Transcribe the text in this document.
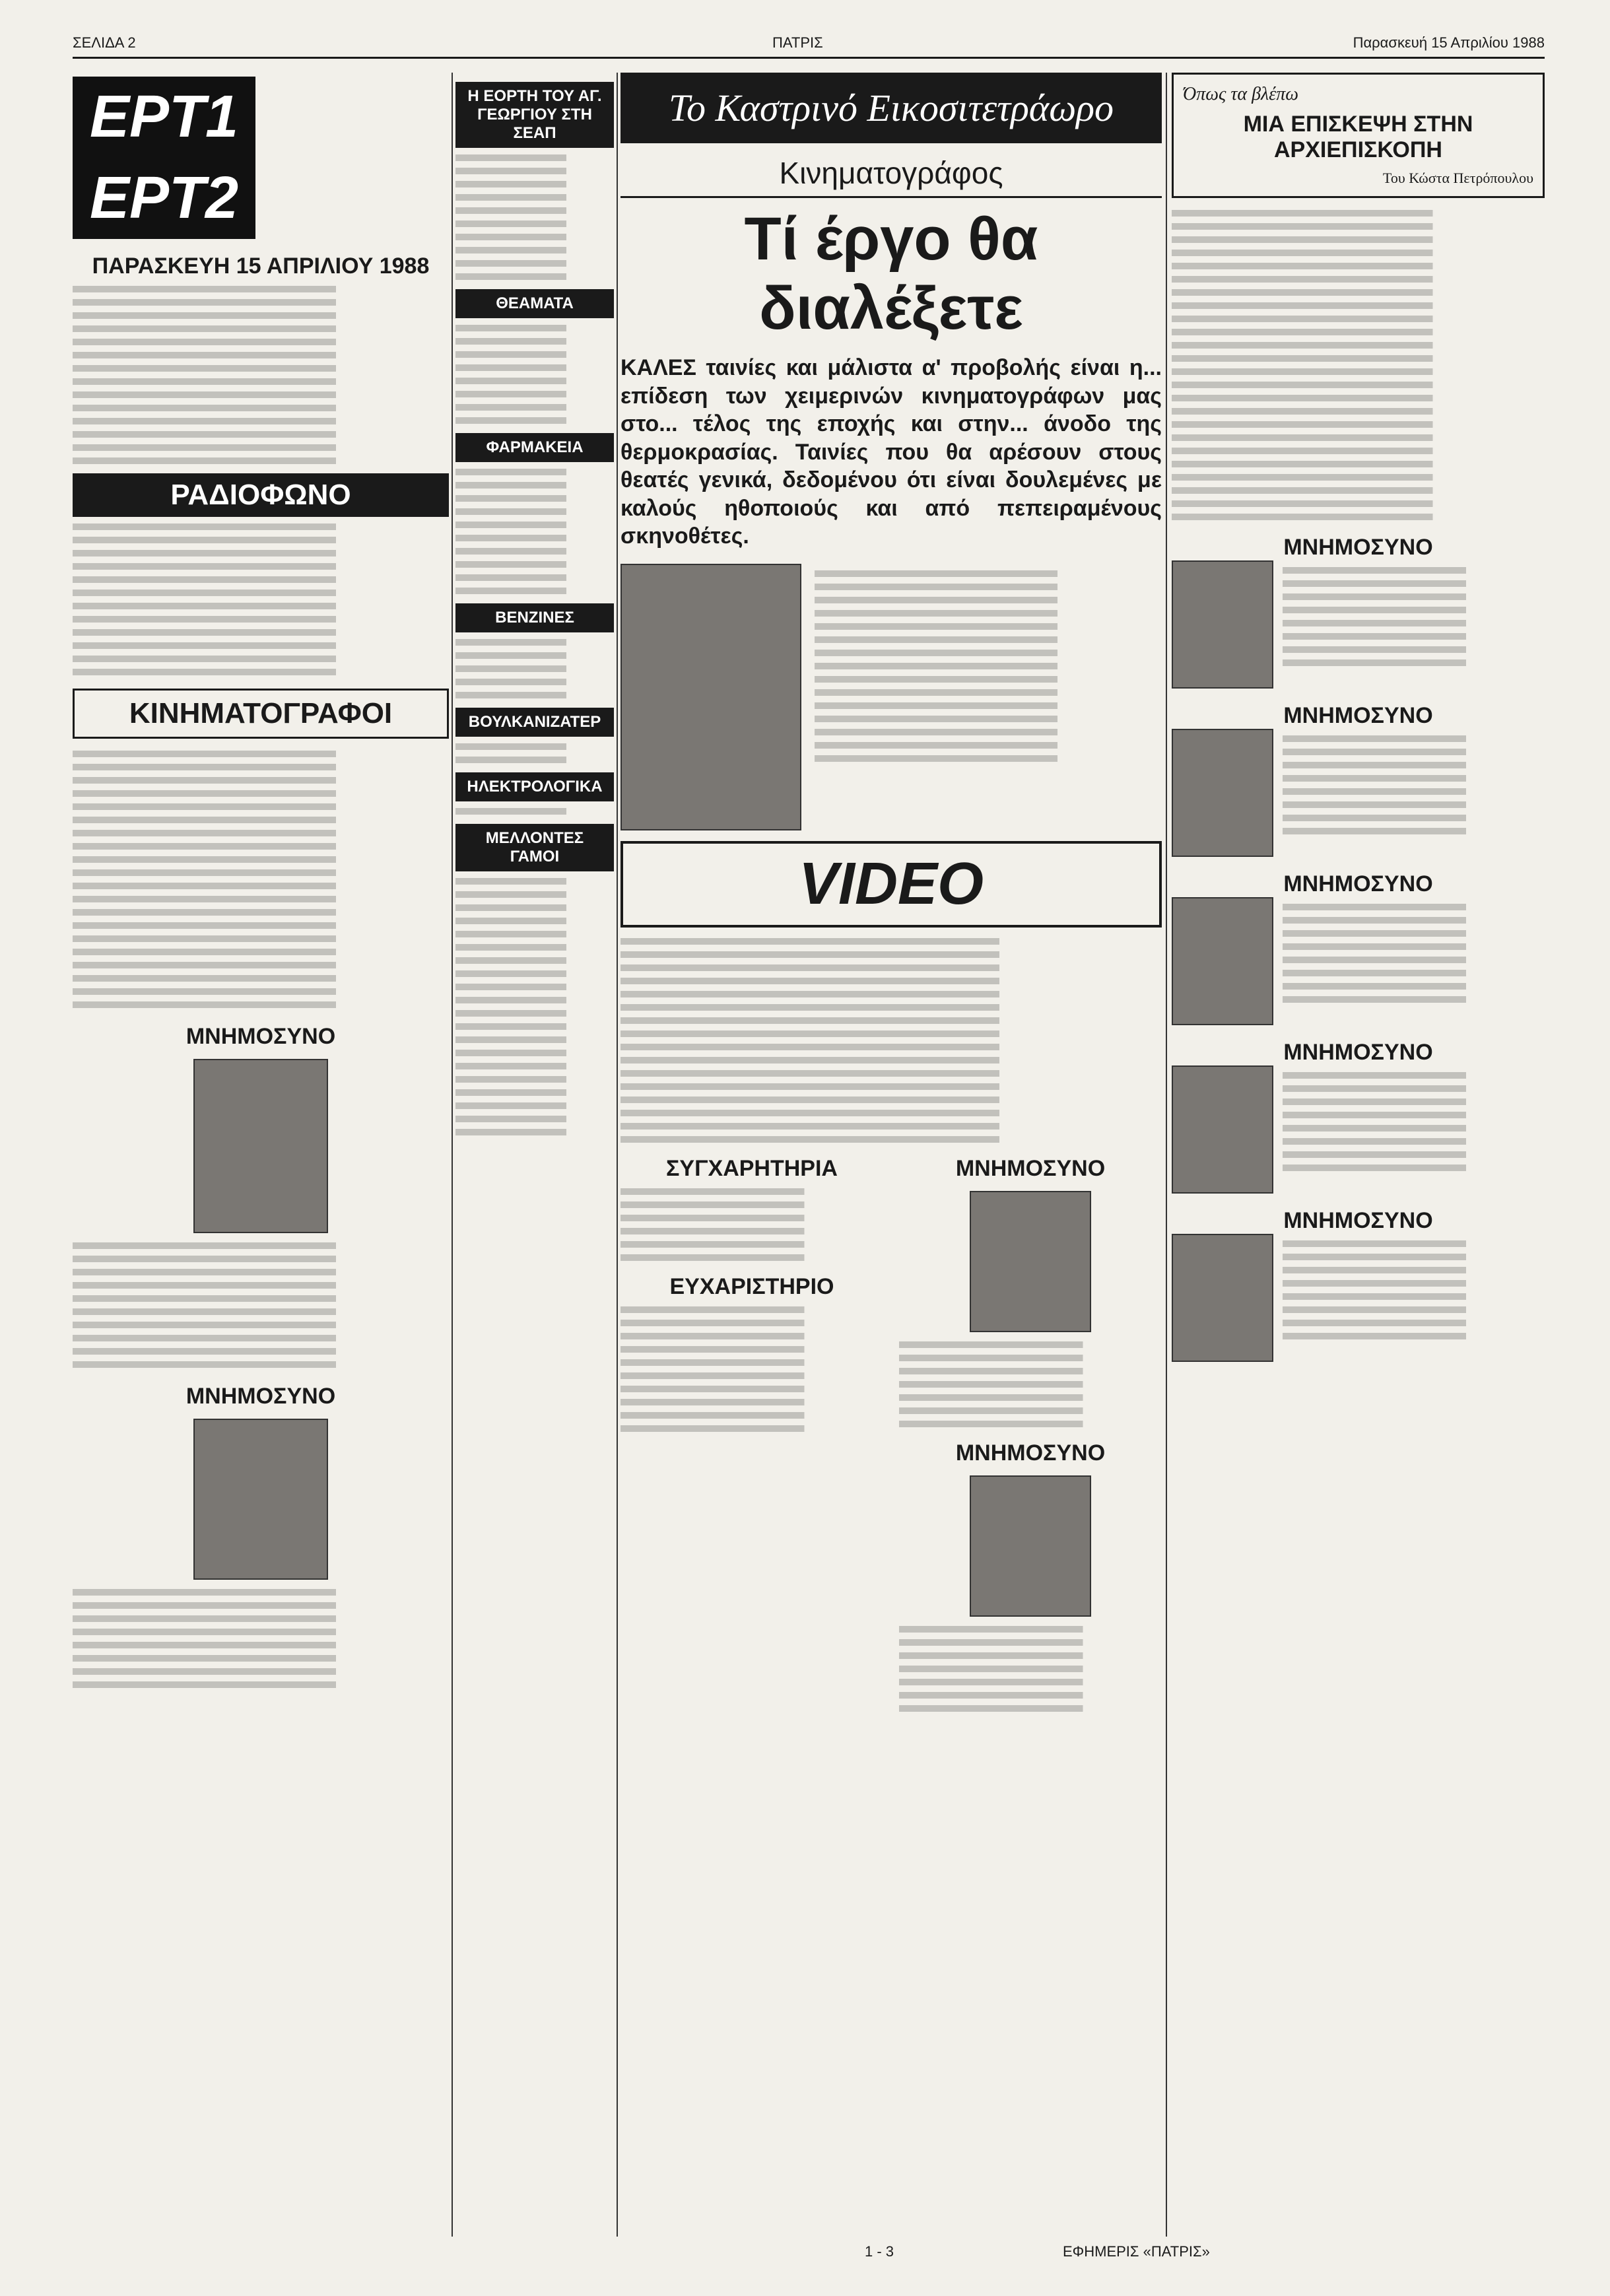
ΣΕΛΙΔΑ 2	ΠΑΤΡΙΣ	Παρασκευή 15 Απριλίου 1988
ΕΡΤ1ΕΡΤ2
ΠΑΡΑΣΚΕΥΗ 15 ΑΠΡΙΛΙΟΥ 1988
ΡΑΔΙΟΦΩΝΟ
ΚΙΝΗΜΑΤΟΓΡΑΦΟΙ
ΜΝΗΜΟΣΥΝΟ
ΜΝΗΜΟΣΥΝΟ
Η ΕΟΡΤΗ ΤΟΥ ΑΓ. ΓΕΩΡΓΙΟΥ ΣΤΗ ΣΕΑΠ
ΘΕΑΜΑΤΑ
ΦΑΡΜΑΚΕΙΑ
ΒΕΝΖΙΝΕΣ
ΒΟΥΛΚΑΝΙΖΑΤΕΡ
ΗΛΕΚΤΡΟΛΟΓΙΚΑ
ΜΕΛΛΟΝΤΕΣ ΓΑΜΟΙ
Το Καστρινό Εικοσιτετράωρο
Κινηματογράφος
Τί έργο θα διαλέξετε

ΚΑΛΕΣ ταινίες και μάλιστα α' προβολής είναι η... επίδεση των χειμερινών κινηματογράφων μας στο... τέλος της εποχής και στην... άνοδο της θερμοκρασίας. Ταινίες που θα αρέσουν στους θεατές γενικά, δεδομένου ότι είναι δουλεμένες με καλούς ηθοποιούς και από πεπειραμένους σκηνοθέτες.

VIDEO
ΣΥΓΧΑΡΗΤΗΡΙΑ
ΕΥΧΑΡΙΣΤΗΡΙΟ
ΜΝΗΜΟΣΥΝΟ
ΜΝΗΜΟΣΥΝΟ
Όπως τα βλέπω
ΜΙΑ ΕΠΙΣΚΕΨΗ ΣΤΗΝ ΑΡΧΙΕΠΙΣΚΟΠΗ
Του Κώστα Πετρόπουλου
ΜΝΗΜΟΣΥΝΟ
ΜΝΗΜΟΣΥΝΟ
ΜΝΗΜΟΣΥΝΟ
ΜΝΗΜΟΣΥΝΟ
ΜΝΗΜΟΣΥΝΟ
1 - 3	ΕΦΗΜΕΡΙΣ «ΠΑΤΡΙΣ»
